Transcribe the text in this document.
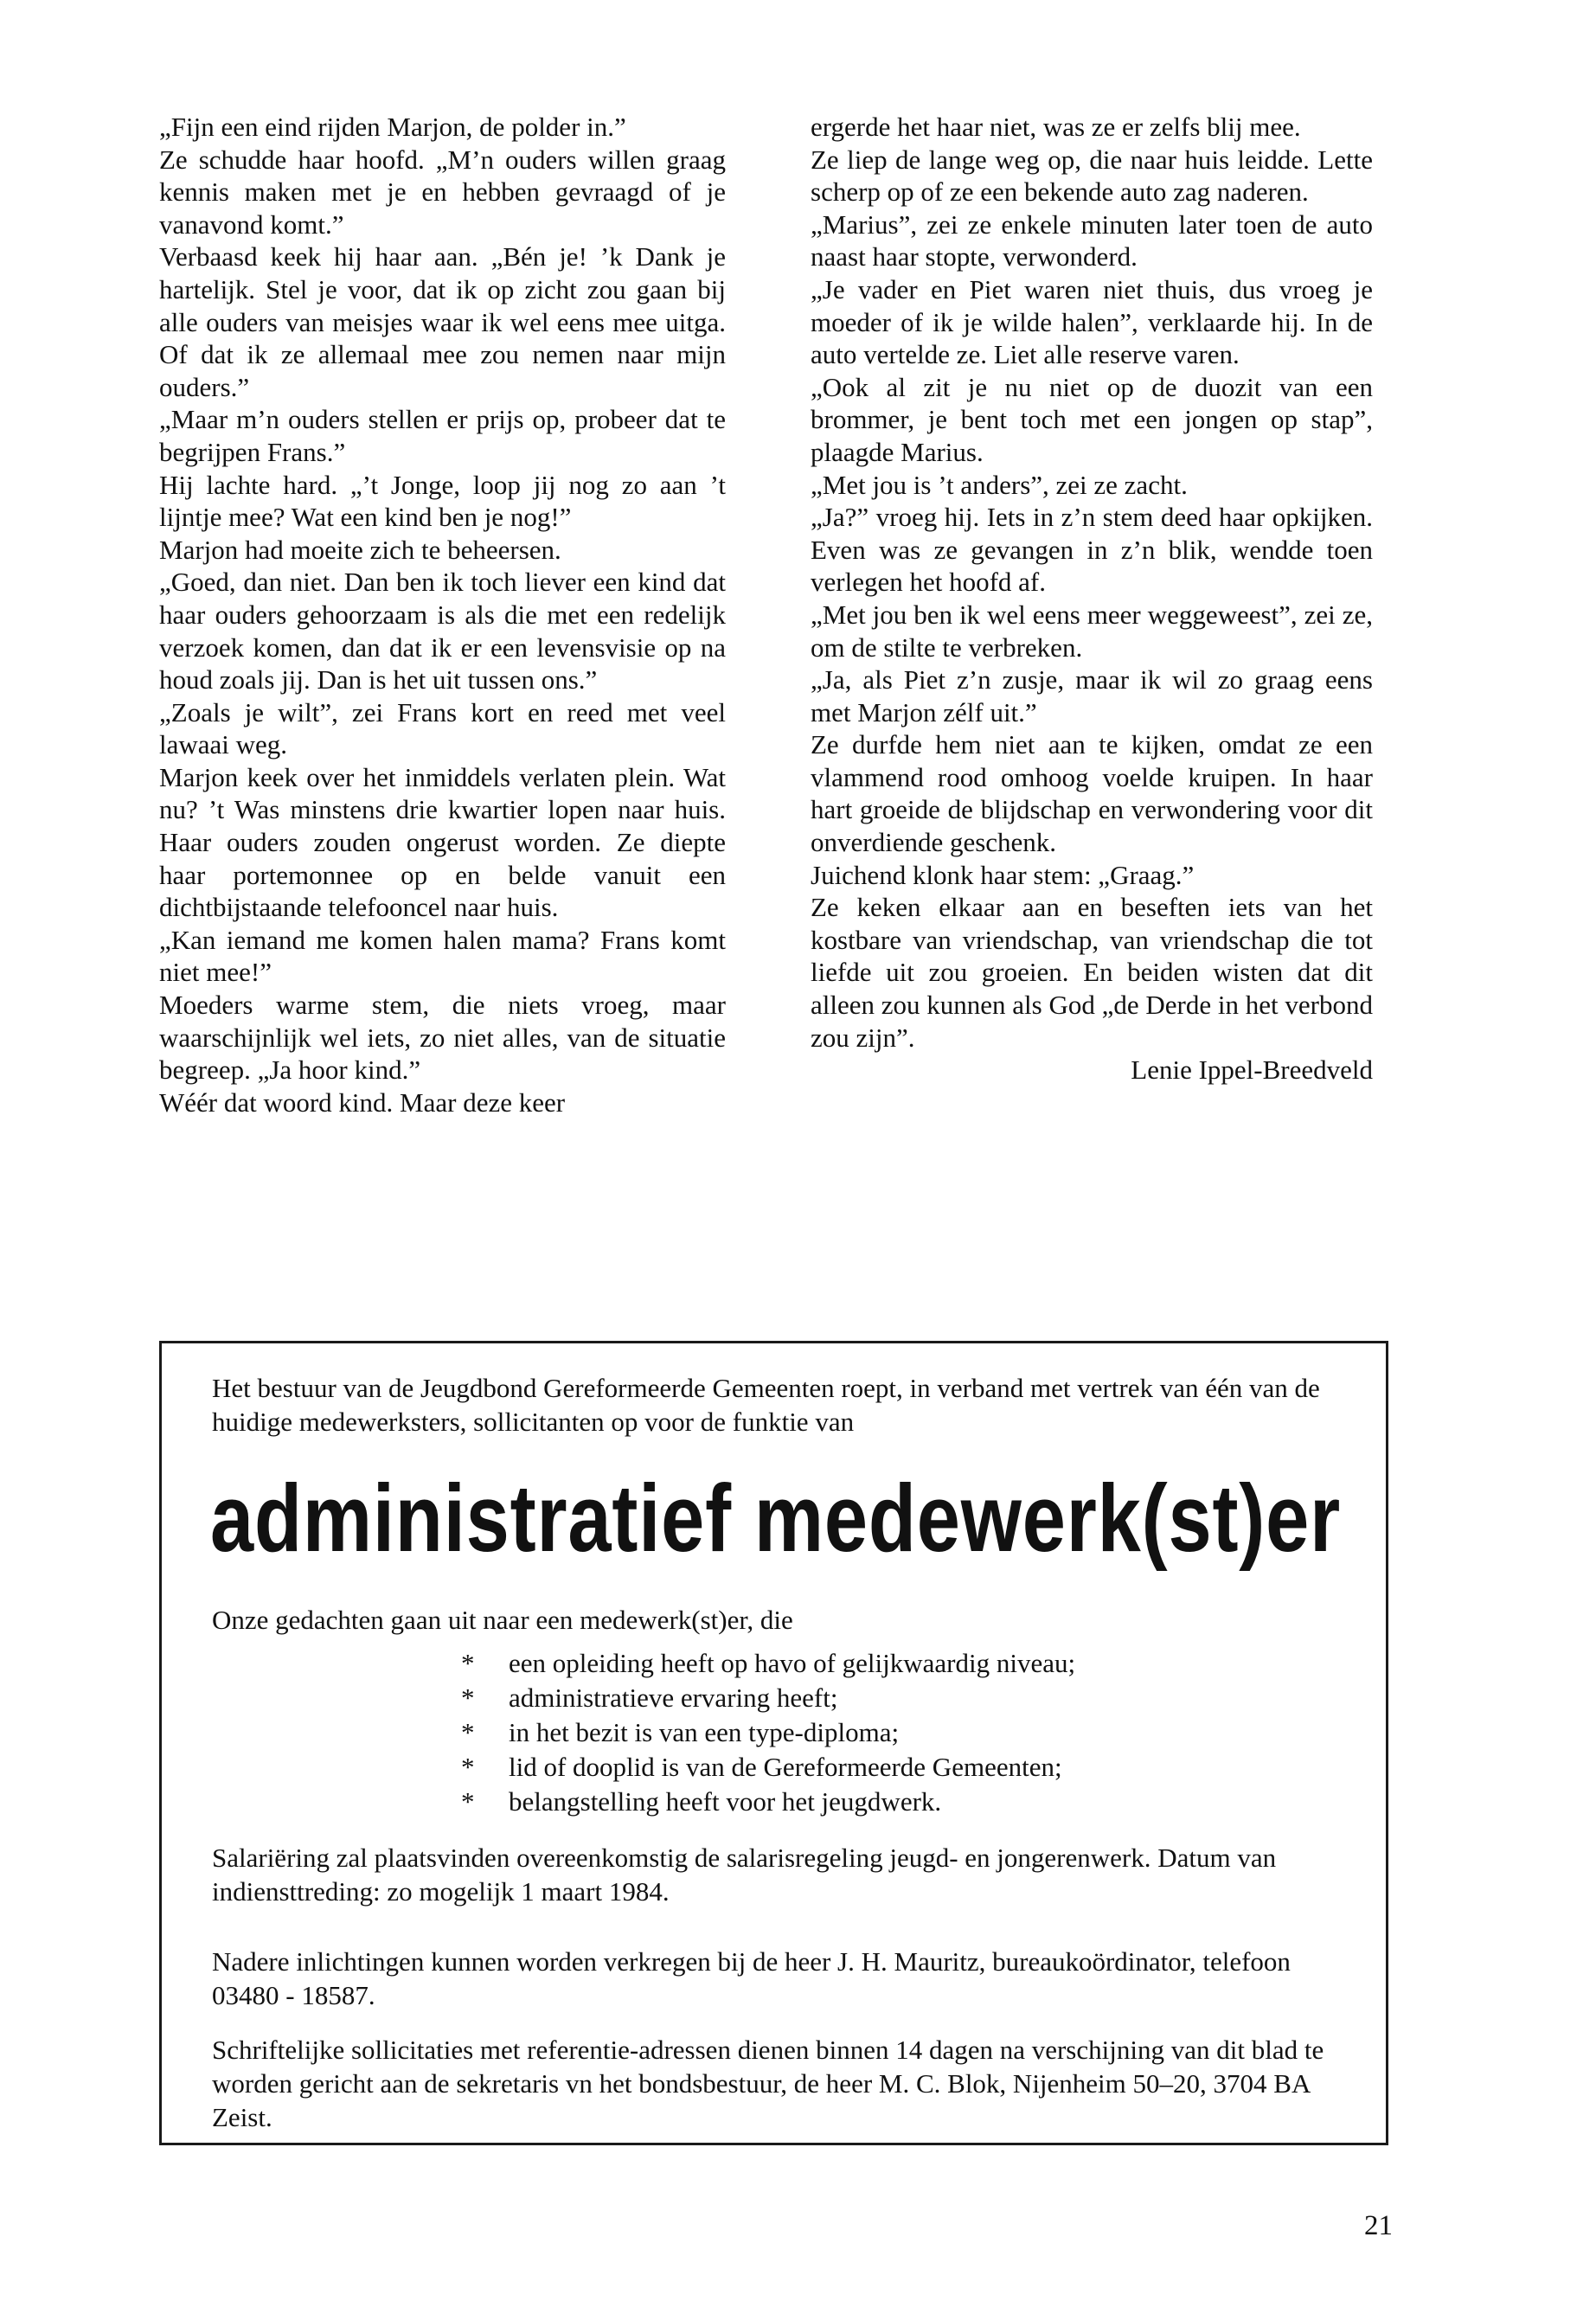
„Fijn een eind rijden Marjon, de polder in.”

Ze schudde haar hoofd. „M’n ouders willen graag kennis maken met je en hebben gevraagd of je vanavond komt.”

Verbaasd keek hij haar aan. „Bén je! ’k Dank je hartelijk. Stel je voor, dat ik op zicht zou gaan bij alle ouders van meisjes waar ik wel eens mee uitga. Of dat ik ze allemaal mee zou nemen naar mijn ouders.”

„Maar m’n ouders stellen er prijs op, probeer dat te begrijpen Frans.”

Hij lachte hard. „’t Jonge, loop jij nog zo aan ’t lijntje mee? Wat een kind ben je nog!”

Marjon had moeite zich te beheersen.

„Goed, dan niet. Dan ben ik toch liever een kind dat haar ouders gehoorzaam is als die met een redelijk verzoek komen, dan dat ik er een levensvisie op na houd zoals jij. Dan is het uit tussen ons.”

„Zoals je wilt”, zei Frans kort en reed met veel lawaai weg.

Marjon keek over het inmiddels verlaten plein. Wat nu? ’t Was minstens drie kwartier lopen naar huis. Haar ouders zouden ongerust worden. Ze diepte haar portemonnee op en belde vanuit een dichtbijstaande telefooncel naar huis.

„Kan iemand me komen halen mama? Frans komt niet mee!”

Moeders warme stem, die niets vroeg, maar waarschijnlijk wel iets, zo niet alles, van de situatie begreep. „Ja hoor kind.”

Wéér dat woord kind. Maar deze keer

ergerde het haar niet, was ze er zelfs blij mee.

Ze liep de lange weg op, die naar huis leidde. Lette scherp op of ze een bekende auto zag naderen.

„Marius”, zei ze enkele minuten later toen de auto naast haar stopte, verwonderd.

„Je vader en Piet waren niet thuis, dus vroeg je moeder of ik je wilde halen”, verklaarde hij. In de auto vertelde ze. Liet alle reserve varen.

„Ook al zit je nu niet op de duozit van een brommer, je bent toch met een jongen op stap”, plaagde Marius.

„Met jou is ’t anders”, zei ze zacht.

„Ja?” vroeg hij. Iets in z’n stem deed haar opkijken. Even was ze gevangen in z’n blik, wendde toen verlegen het hoofd af.

„Met jou ben ik wel eens meer weggeweest”, zei ze, om de stilte te verbreken.

„Ja, als Piet z’n zusje, maar ik wil zo graag eens met Marjon zélf uit.”

Ze durfde hem niet aan te kijken, omdat ze een vlammend rood omhoog voelde kruipen. In haar hart groeide de blijdschap en verwondering voor dit onverdiende geschenk.

Juichend klonk haar stem: „Graag.”

Ze keken elkaar aan en beseften iets van het kostbare van vriendschap, van vriendschap die tot liefde uit zou groeien. En beiden wisten dat dit alleen zou kunnen als God „de Derde in het verbond zou zijn”.

Lenie Ippel-Breedveld

Het bestuur van de Jeugdbond Gereformeerde Gemeenten roept, in verband met vertrek van één van de huidige medewerksters, sollicitanten op voor de funktie van

administratief medewerk(st)er

Onze gedachten gaan uit naar een medewerk(st)er, die

*	een opleiding heeft op havo of gelijkwaardig niveau;
*	administratieve ervaring heeft;
*	in het bezit is van een type-diploma;
*	lid of dooplid is van de Gereformeerde Gemeenten;
*	belangstelling heeft voor het jeugdwerk.

Salariëring zal plaatsvinden overeenkomstig de salarisregeling jeugd- en jongerenwerk. Datum van indiensttreding: zo mogelijk 1 maart 1984.

Nadere inlichtingen kunnen worden verkregen bij de heer J. H. Mauritz, bureaukoördinator, telefoon 03480 - 18587.

Schriftelijke sollicitaties met referentie-adressen dienen binnen 14 dagen na verschijning van dit blad te worden gericht aan de sekretaris vn het bondsbestuur, de heer M. C. Blok, Nijenheim 50–20, 3704 BA Zeist.

21
